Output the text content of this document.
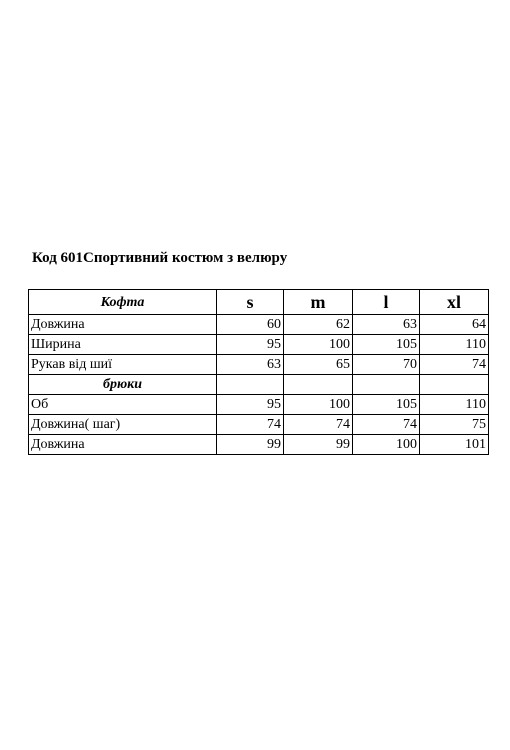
Код 601Спортивний костюм з велюру
Кофта	s	m	l	xl
Довжина	60	62	63	64
Ширина	95	100	105	110
Рукав від шиї	63	65	70	74
брюки				
Об	95	100	105	110
Довжина( шаг)	74	74	74	75
Довжина	99	99	100	101
